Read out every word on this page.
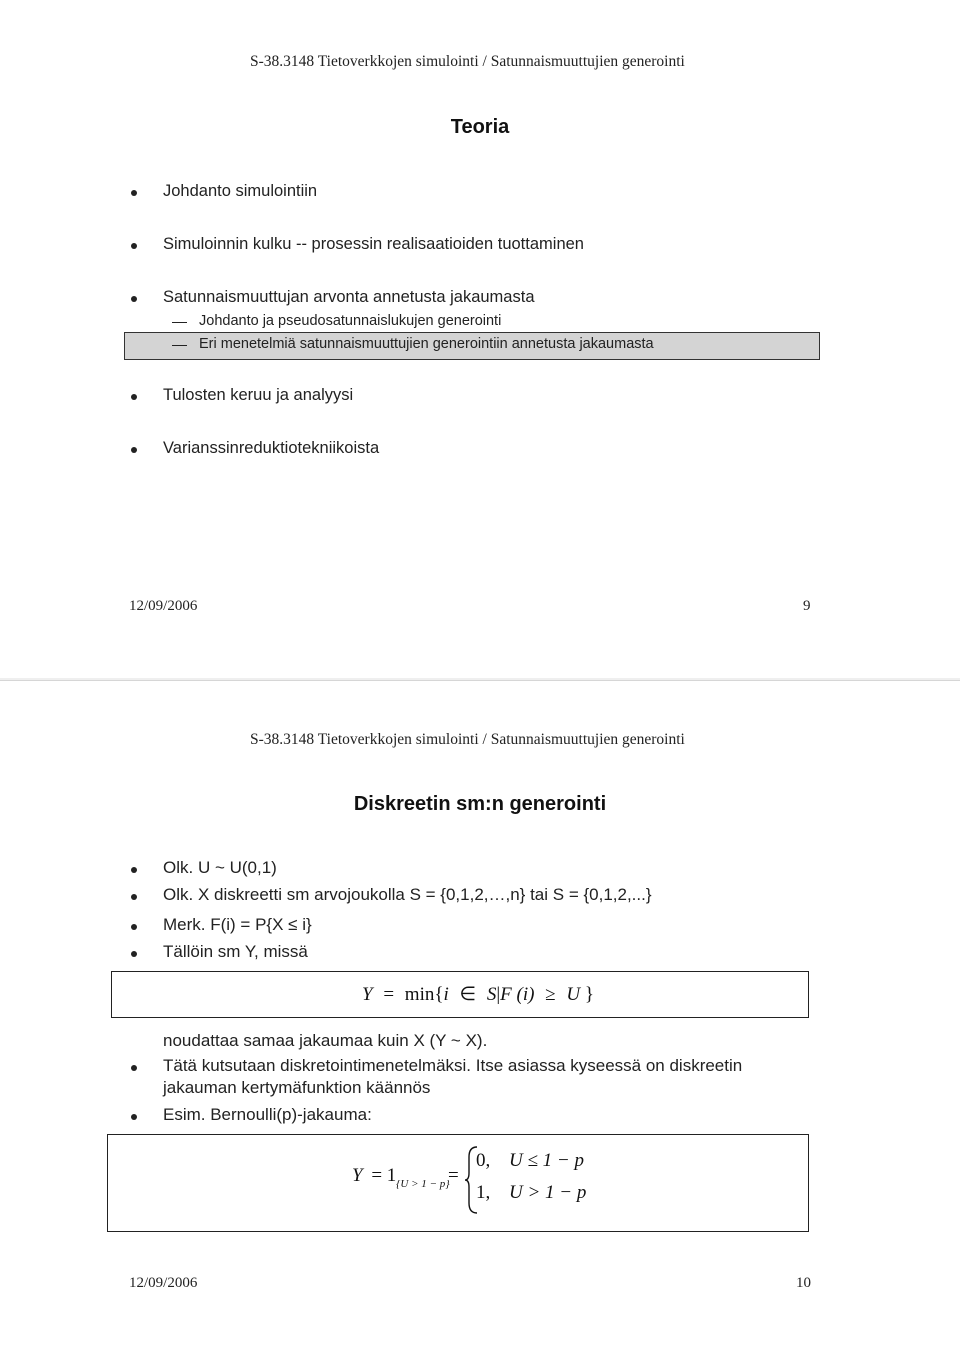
S-38.3148 Tietoverkkojen simulointi / Satunnaismuuttujien generointi
Teoria
Johdanto simulointiin
Simuloinnin kulku -- prosessin realisaatioiden tuottaminen
Satunnaismuuttujan arvonta annetusta jakaumasta
Johdanto ja pseudosatunnaislukujen generointi
Eri menetelmiä satunnaismuuttujien generointiin annetusta jakaumasta
Tulosten keruu ja analyysi
Varianssinreduktiotekniikoista
12/09/2006	9
S-38.3148 Tietoverkkojen simulointi / Satunnaismuuttujien generointi
Diskreetin sm:n generointi
Olk. U ~ U(0,1)
Olk. X diskreetti sm arvojoukolla S = {0,1,2,…,n} tai S = {0,1,2,...}
Merk. F(i) = P{X ≤ i}
Tällöin sm Y, missä
Y = min{i ∈ S|F (i) ≥ U }
noudattaa samaa jakaumaa kuin X (Y ~ X).
Tätä kutsutaan diskretointimenetelmäksi. Itse asiassa kyseessä on diskreetin
jakauman kertymäfunktion käännös
Esim. Bernoulli(p)-jakauma:
Y = 1 {U > 1 − p}
=
0, U ≤ 1 − p
1, U > 1 − p
12/09/2006	10
